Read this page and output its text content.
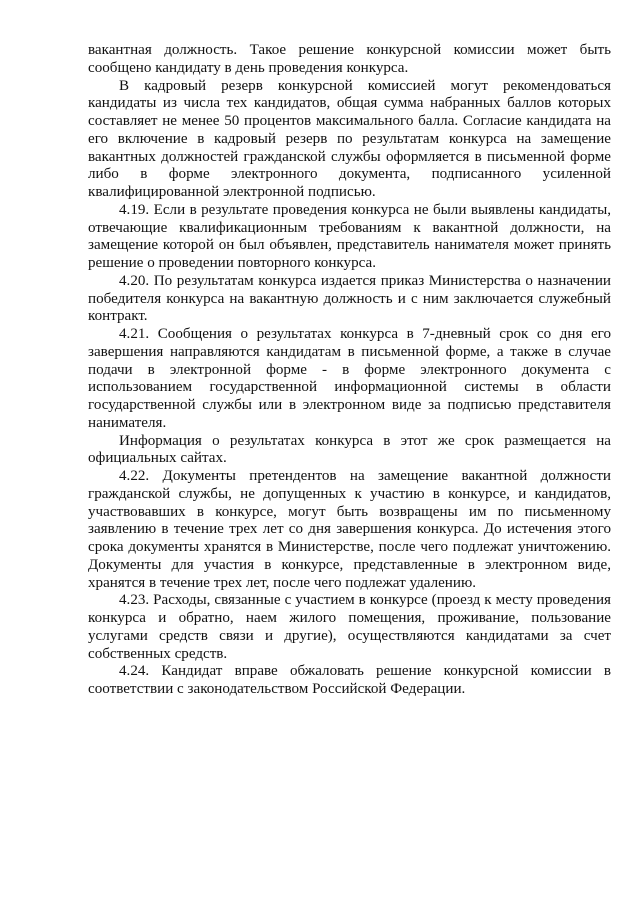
вакантная должность. Такое решение конкурсной комиссии может быть сообщено кандидату в день проведения конкурса.

В кадровый резерв конкурсной комиссией могут рекомендоваться кандидаты из числа тех кандидатов, общая сумма набранных баллов которых составляет не менее 50 процентов максимального балла. Согласие кандидата на его включение в кадровый резерв по результатам конкурса на замещение вакантных должностей гражданской службы оформляется в письменной форме либо в форме электронного документа, подписанного усиленной квалифицированной электронной подписью.

4.19. Если в результате проведения конкурса не были выявлены кандидаты, отвечающие квалификационным требованиям к вакантной должности, на замещение которой он был объявлен, представитель нанимателя может принять решение о проведении повторного конкурса.

4.20. По результатам конкурса издается приказ Министерства о назначении победителя конкурса на вакантную должность и с ним заключается служебный контракт.

4.21. Сообщения о результатах конкурса в 7-дневный срок со дня его завершения направляются кандидатам в письменной форме, а также в случае подачи в электронной форме - в форме электронного документа с использованием государственной информационной системы в области государственной службы или в электронном виде за подписью представителя нанимателя.

Информация о результатах конкурса в этот же срок размещается на официальных сайтах.

4.22. Документы претендентов на замещение вакантной должности гражданской службы, не допущенных к участию в конкурсе, и кандидатов, участвовавших в конкурсе, могут быть возвращены им по письменному заявлению в течение трех лет со дня завершения конкурса. До истечения этого срока документы хранятся в Министерстве, после чего подлежат уничтожению. Документы для участия в конкурсе, представленные в электронном виде, хранятся в течение трех лет, после чего подлежат удалению.

4.23. Расходы, связанные с участием в конкурсе (проезд к месту проведения конкурса и обратно, наем жилого помещения, проживание, пользование услугами средств связи и другие), осуществляются кандидатами за счет собственных средств.

4.24. Кандидат вправе обжаловать решение конкурсной комиссии в соответствии с законодательством Российской Федерации.
